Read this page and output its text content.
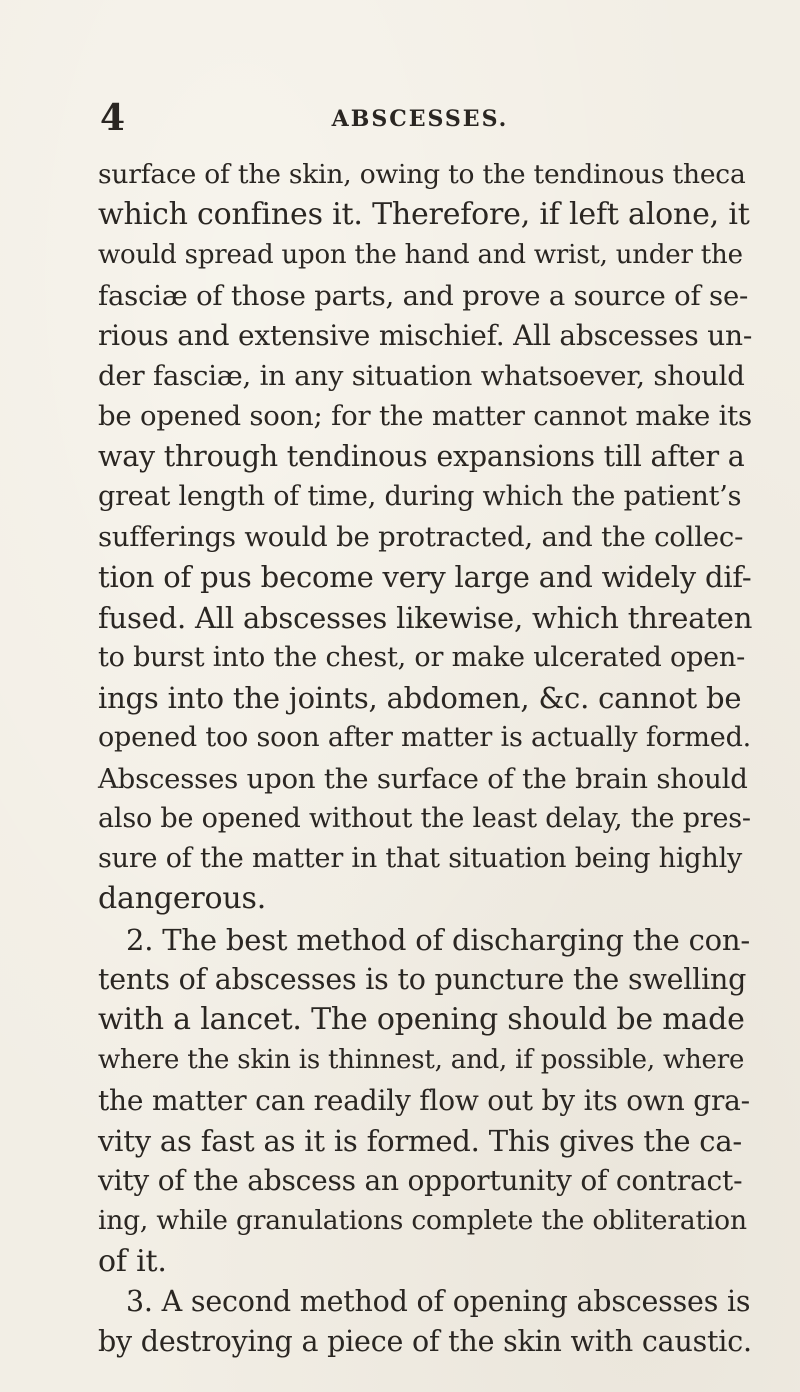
4	ABSCESSES.
surface of the skin, owing to the tendinous theca
which confines it. Therefore, if left alone, it
would spread upon the hand and wrist, under the
fasciæ of those parts, and prove a source of se-
rious and extensive mischief. All abscesses un-
der fasciæ, in any situation whatsoever, should
be opened soon; for the matter cannot make its
way through tendinous expansions till after a
great length of time, during which the patient’s
sufferings would be protracted, and the collec-
tion of pus become very large and widely dif-
fused. All abscesses likewise, which threaten
to burst into the chest, or make ulcerated open-
ings into the joints, abdomen, &c. cannot be
opened too soon after matter is actually formed.
Abscesses upon the surface of the brain should
also be opened without the least delay, the pres-
sure of the matter in that situation being highly
dangerous.
2. The best method of discharging the con-
tents of abscesses is to puncture the swelling
with a lancet. The opening should be made
where the skin is thinnest, and, if possible, where
the matter can readily flow out by its own gra-
vity as fast as it is formed. This gives the ca-
vity of the abscess an opportunity of contract-
ing, while granulations complete the obliteration
of it.
3. A second method of opening abscesses is
by destroying a piece of the skin with caustic.
